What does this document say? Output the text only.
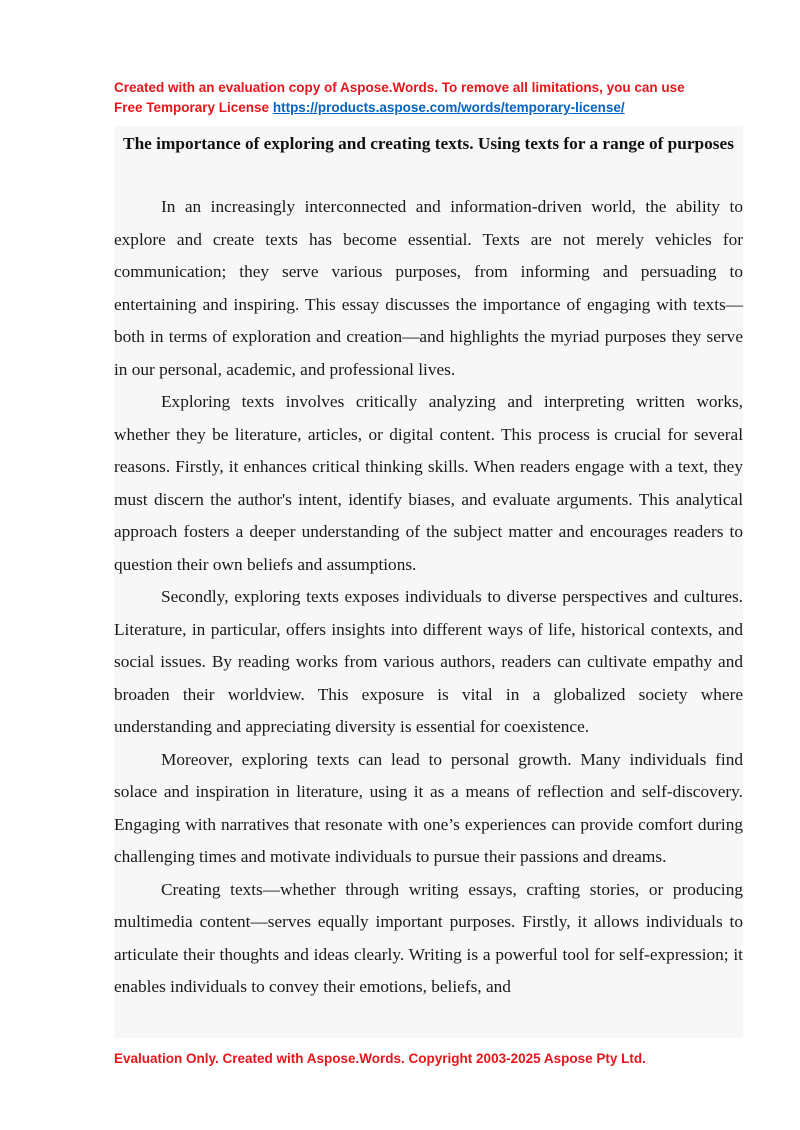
Created with an evaluation copy of Aspose.Words. To remove all limitations, you can use
Free Temporary License https://products.aspose.com/words/temporary-license/
The importance of exploring and creating texts. Using texts for a range of purposes

In an increasingly interconnected and information-driven world, the ability to explore and create texts has become essential. Texts are not merely vehicles for communication; they serve various purposes, from informing and persuading to entertaining and inspiring. This essay discusses the importance of engaging with texts—both in terms of exploration and creation—and highlights the myriad purposes they serve in our personal, academic, and professional lives.

Exploring texts involves critically analyzing and interpreting written works, whether they be literature, articles, or digital content. This process is crucial for several reasons. Firstly, it enhances critical thinking skills. When readers engage with a text, they must discern the author's intent, identify biases, and evaluate arguments. This analytical approach fosters a deeper understanding of the subject matter and encourages readers to question their own beliefs and assumptions.

Secondly, exploring texts exposes individuals to diverse perspectives and cultures. Literature, in particular, offers insights into different ways of life, historical contexts, and social issues. By reading works from various authors, readers can cultivate empathy and broaden their worldview. This exposure is vital in a globalized society where understanding and appreciating diversity is essential for coexistence.

Moreover, exploring texts can lead to personal growth. Many individuals find solace and inspiration in literature, using it as a means of reflection and self-discovery. Engaging with narratives that resonate with one’s experiences can provide comfort during challenging times and motivate individuals to pursue their passions and dreams.

Creating texts—whether through writing essays, crafting stories, or producing multimedia content—serves equally important purposes. Firstly, it allows individuals to articulate their thoughts and ideas clearly. Writing is a powerful tool for self-expression; it enables individuals to convey their emotions, beliefs, and

Evaluation Only. Created with Aspose.Words. Copyright 2003-2025 Aspose Pty Ltd.
